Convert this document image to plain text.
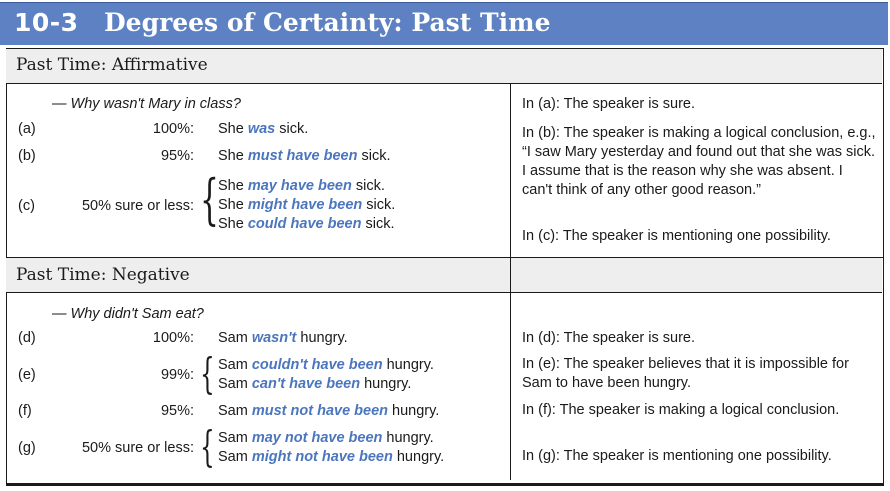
10-3 Degrees of Certainty: Past Time
Past Time: Affirmative
— Why wasn't Mary in class?
(a)	100%: She was sick.
(b)	95%: She must have been sick.
(c)	50% sure or less: { She may have been sick.
She might have been sick.
She could have been sick.
In (a): The speaker is sure.
In (b): The speaker is making a logical conclusion, e.g., “I saw Mary yesterday and found out that she was sick. I assume that is the reason why she was absent. I can't think of any other good reason.”
In (c): The speaker is mentioning one possibility.
Past Time: Negative
— Why didn't Sam eat?
(d)	100%: Sam wasn't hungry.
(e)	99%: { Sam couldn't have been hungry.
Sam can't have been hungry.
(f)	95%: Sam must not have been hungry.
(g)	50% sure or less: { Sam may not have been hungry.
Sam might not have been hungry.
In (d): The speaker is sure.
In (e): The speaker believes that it is impossible for Sam to have been hungry.
In (f): The speaker is making a logical conclusion.
In (g): The speaker is mentioning one possibility.
